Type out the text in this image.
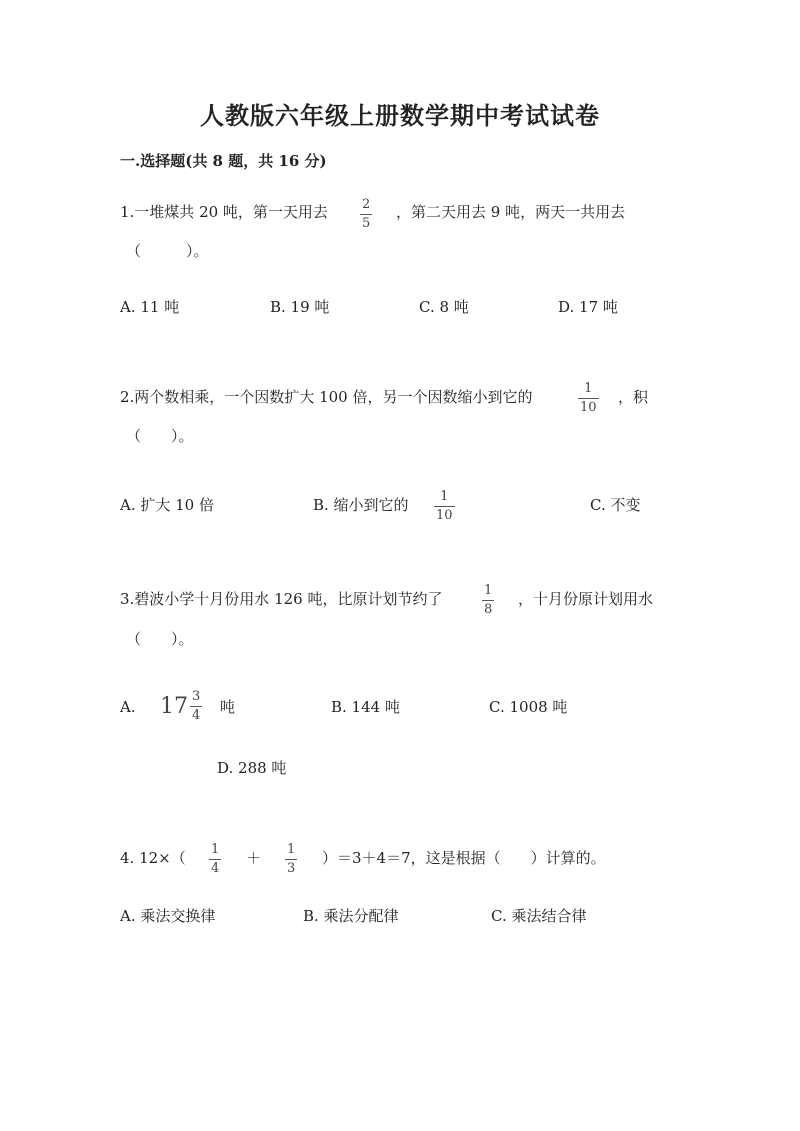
人教版六年级上册数学期中考试试卷
一.选择题(共 8 题，共 16 分)
1.一堆煤共 20 吨，第一天用去	2
5
，第二天用去 9 吨，两天一共用去
（　　　）。
A. 11 吨	B. 19 吨	C. 8 吨	D. 17 吨
2.两个数相乘，一个因数扩大 100 倍，另一个因数缩小到它的	1
10
，积
（　　）。
A. 扩大 10 倍	B. 缩小到它的 1
10
C. 不变
3.碧波小学十月份用水 126 吨，比原计划节约了	1
8
，十月份原计划用水
（　　）。
A. $17 \frac{3}{4}$ 吨	B. 144 吨	C. 1008 吨
D. 288 吨
4. 12×（ 1
4
＋ 1
3
）＝3＋4＝7，这是根据（　　）计算的。
A. 乘法交换律	B. 乘法分配律	C. 乘法结合律
